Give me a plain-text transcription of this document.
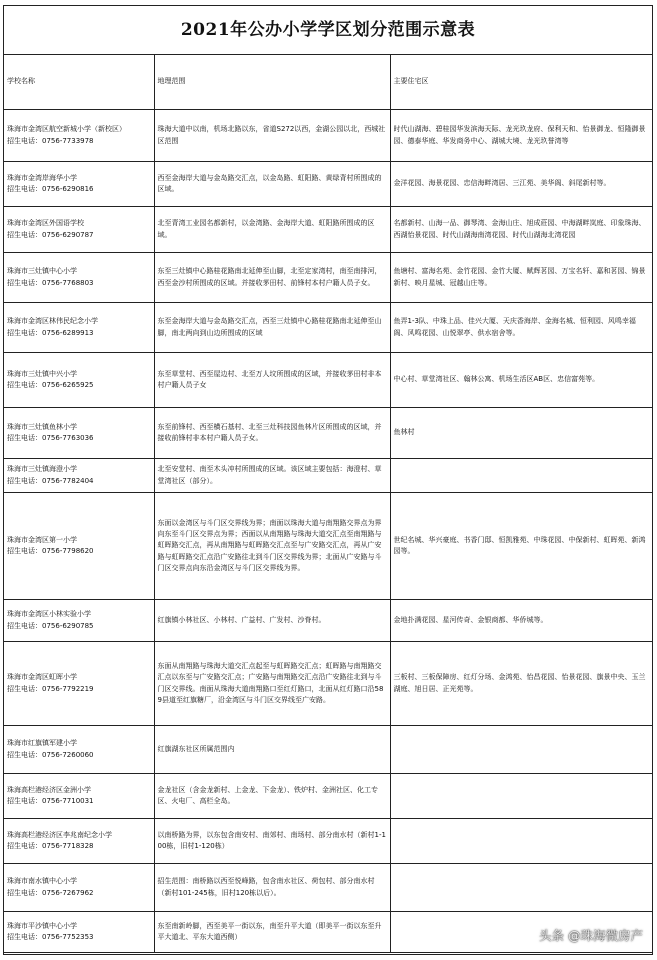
2021年公办小学学区划分范围示意表
学校名称	地理范围	主要住宅区

珠海市金湾区航空新城小学（新校区）
招生电话：0756-7733978	珠海大道中以南，机场北路以东，省道S272以西，金湖公园以北，西城社区范围	时代山湖海、碧桂园华发滨海天际、龙光玖龙府、保利天和、怡景御龙、恒隆御景园、德泰华庭、华发商务中心、湖城大境、龙光玖誉湾等

珠海市金湾岸海华小学
招生电话：0756-6290816	西至金海岸大道与金岛路交汇点，以金岛路、虹阳路、黄绿背村所围成的区域。	金洋花园、海景花园、忠信海畔湾居、三江苑、美华阁、斜尾新村等。

珠海市金湾区外国语学校
招生电话：0756-6290787	北至青湾工业园名都新村，以金湾路、金海岸大道、虹阳路所围成的区域。	名都新村、山海一品、御琴湾、金海山庄、旭成莊园、中海湖畔岚庭、印象珠海、西湖怡景花园、时代山湖海南湾花园、时代山湖海北湾花园

珠海市三灶镇中心小学
招生电话：0756-7768803	东至三灶镇中心路桂花路南北延伸至山脚，北至定家湾村，南至南排河，西至金沙村所围成的区域。并接收茅田村、前锋村本村户籍人员子女。	鱼塘村、富海名苑、金竹花园、金竹大厦、赋辉茗园、万宝名轩、嘉和茗园、锦景新村、映月星城、冠越山庄等。

珠海市金湾区林伟民纪念小学
招生电话：0756-6289913	东至金海岸大道与金岛路交汇点，西至三灶镇中心路桂花路南北延伸至山脚，南北两向到山边所围成的区域	鱼弄1-3队、中珠上品、佳兴大厦、天庆香海岸、金海名城、恒利园、风鸣幸福阁、风鸣花园、山悦翠亭、供水宿舍等。

珠海市三灶镇中兴小学
招生电话：0756-6265925	东至草堂村、西至屋边村、北至万人坟所围成的区域，并接收茅田村非本村户籍人员子女	中心村、草堂湾社区、翰林公寓、机场生活区AB区、忠信富苑等。

珠海市三灶镇鱼林小学
招生电话：0756-7763036	东至前锋村、西至横石基村、北至三灶科技园鱼林片区所围成的区域，并接收前锋村非本村户籍人员子女。	鱼林村

珠海市三灶镇海澄小学
招生电话：0756-7782404	北至安堂村、南至木头冲村所围成的区域。该区域主要包括：海澄村、草堂湾社区（部分）。	

珠海市金湾区第一小学
招生电话：0756-7798620	东面以金湾区与斗门区交界线为界；南面以珠海大道与南翔路交界点为界向东至斗门区交界点为界；西面以从南翔路与珠海大道交汇点至南翔路与虹晖路交汇点，再从南翔路与虹晖路交汇点至与广安路交汇点，再从广安路与虹晖路交汇点沿广安路往北到斗门区交界线为界；北面从广安路与斗门区交界点向东沿金湾区与斗门区交界线为界。	世纪名城、华兴豪庭、书香门邸、恒凯雅苑、中珠花园、中保新村、虹晖苑、新鸿园等。

珠海市金湾区小林实验小学
招生电话：0756-6290785	红旗镇小林社区、小林村、广益村、广发村、沙脊村。	金地扑满花园、星河传奇、金银商都、华侨城等。

珠海市金湾区虹晖小学
招生电话：0756-7792219	东面从南翔路与珠海大道交汇点起至与虹晖路交汇点；虹晖路与南翔路交汇点以东至与广安路交汇点；广安路与南翔路交汇点沿广安路往北到与斗门区交界线。南面从珠海大道南翔路口至红灯路口，北面从红灯路口沿589县道至红旗糖厂，沿金湾区与斗门区交界线至广安路。	三板村、三板保障房、红灯分场、金鸿苑、怡昌花园、怡景花园、旗景中央、玉兰湖庭、旭日居、正光苑等。

珠海市红旗镇军建小学
招生电话：0756-7260060	红旗湖东社区所属范围内	

珠海高栏港经济区金洲小学
招生电话：0756-7710031	金龙社区（含金龙新村、上金龙、下金龙）、铁炉村、金洲社区、化工专区、火电厂、高栏全岛。	

珠海高栏港经济区李兆南纪念小学
招生电话：0756-7718328	以南桥路为界，以东包含南安村、南郊村、南场村、部分南水村（新村1-100栋，旧村1-120栋）	

珠海市南水镇中心小学
招生电话：0756-7267962	招生范围：南桥路以西至悦峰路，包含南水社区、荷包村、部分南水村（新村101-245栋，旧村120栋以后）。	

珠海市平沙镇中心小学
招生电话：0756-7752353	东至南新岭脚，西至美平一街以东，南至升平大道（即美平一街以东至升平大道北、平东大道西侧）		头条 @珠海微房产
